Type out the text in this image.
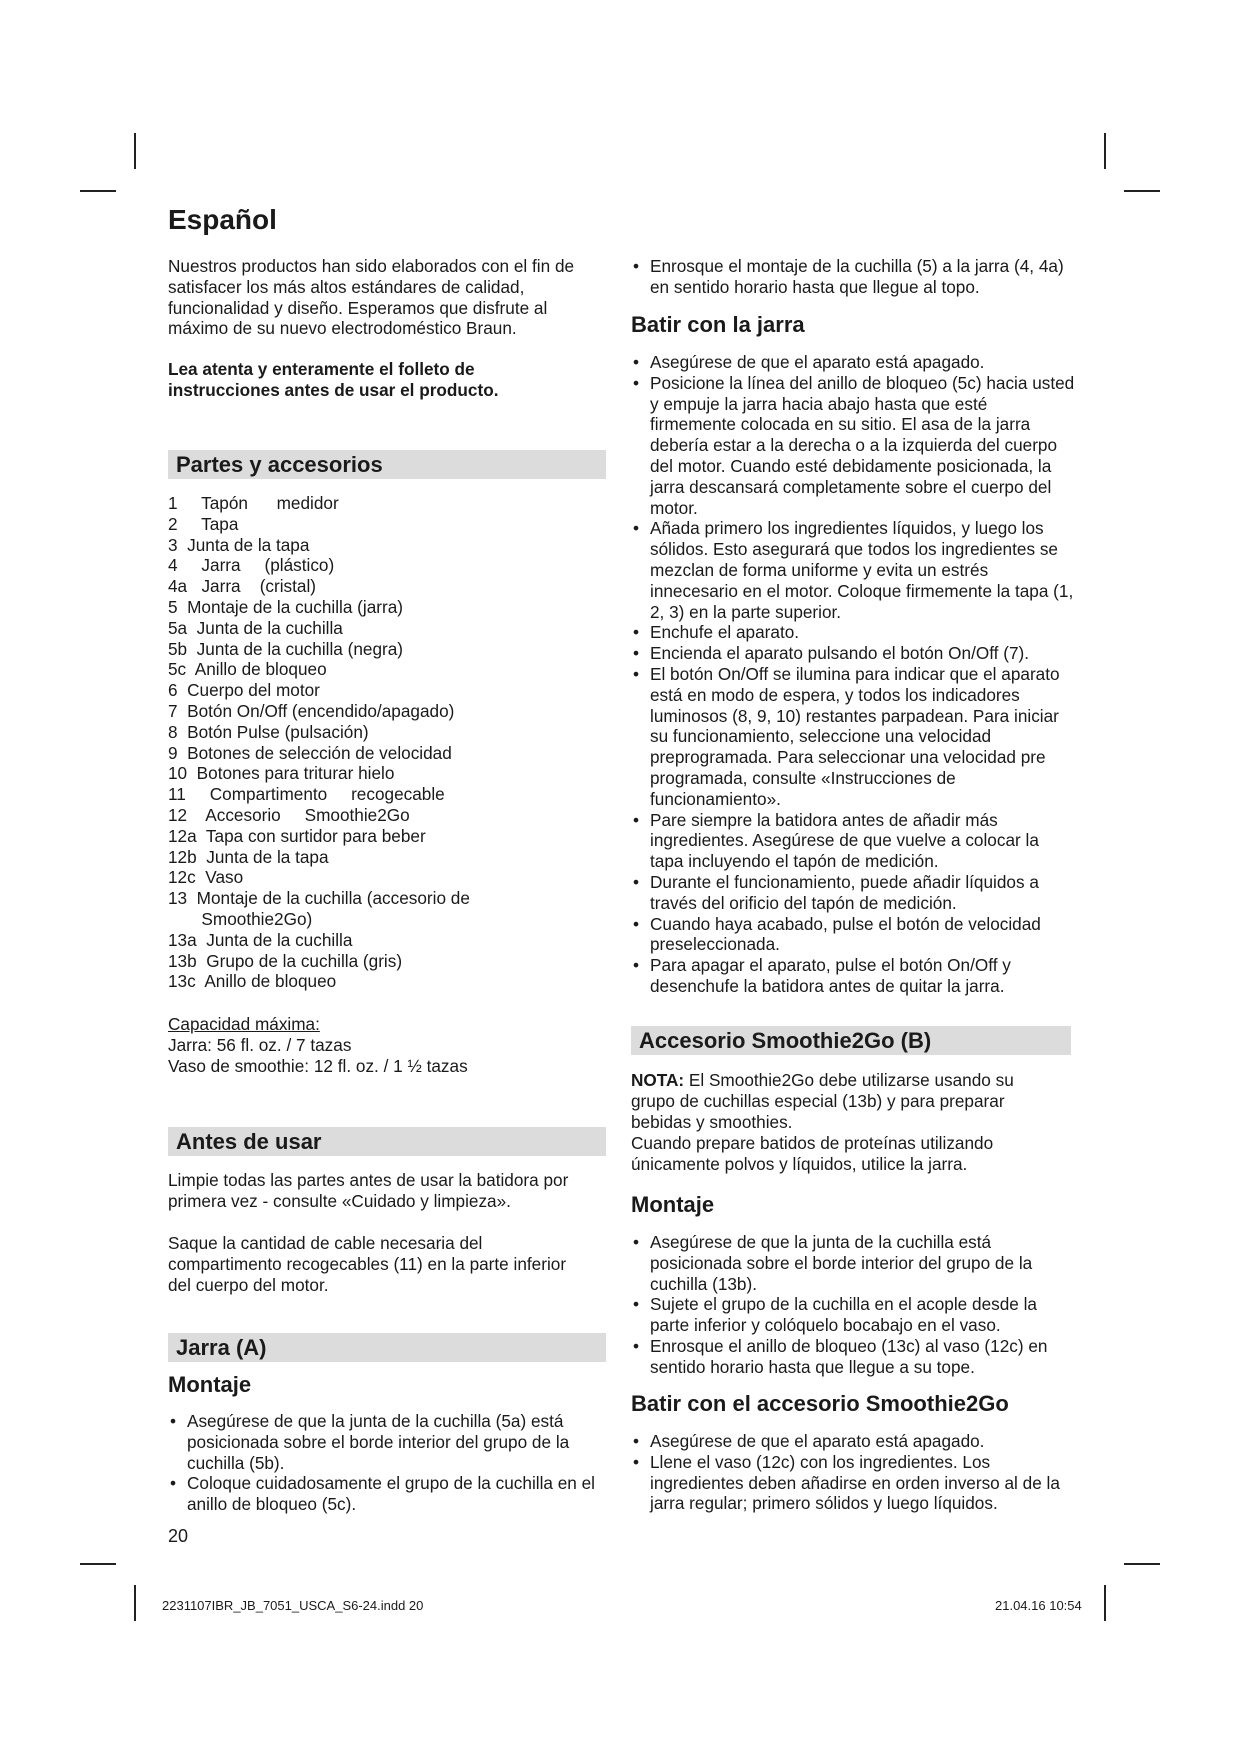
Español

Nuestros productos han sido elaborados con el fin de satisfacer los más altos estándares de calidad, funcionalidad y diseño. Esperamos que disfrute al máximo de su nuevo electrodoméstico Braun.

Lea atenta y enteramente el folleto de instrucciones antes de usar el producto.

Partes y accesorios
1     Tapón      medidor
2     Tapa
3  Junta de la tapa
4     Jarra     (plástico)
4a   Jarra    (cristal)
5  Montaje de la cuchilla (jarra)
5a  Junta de la cuchilla
5b  Junta de la cuchilla (negra)
5c  Anillo de bloqueo
6  Cuerpo del motor
7  Botón On/Off (encendido/apagado)
8  Botón Pulse (pulsación)
9  Botones de selección de velocidad
10  Botones para triturar hielo
11     Compartimento     recogecable
12    Accesorio     Smoothie2Go
12a  Tapa con surtidor para beber
12b  Junta de la tapa
12c  Vaso
13  Montaje de la cuchilla (accesorio de
Smoothie2Go)
13a  Junta de la cuchilla
13b  Grupo de la cuchilla (gris)
13c  Anillo de bloqueo

Capacidad máxima:

Jarra: 56 fl. oz. / 7 tazas

Vaso de smoothie: 12 fl. oz. / 1 ½ tazas

Antes de usar

Limpie todas las partes antes de usar la batidora por primera vez - consulte «Cuidado y limpieza».

Saque la cantidad de cable necesaria del compartimento recogecables (11) en la parte inferior del cuerpo del motor.

Jarra (A)
Montaje
• Asegúrese de que la junta de la cuchilla (5a) está posicionada sobre el borde interior del grupo de la cuchilla (5b).
• Coloque cuidadosamente el grupo de la cuchilla en el anillo de bloqueo (5c).
20
• Enrosque el montaje de la cuchilla (5) a la jarra (4, 4a) en sentido horario hasta que llegue al topo.
Batir con la jarra
• Asegúrese de que el aparato está apagado.
• Posicione la línea del anillo de bloqueo (5c) hacia usted y empuje la jarra hacia abajo hasta que esté firmemente colocada en su sitio. El asa de la jarra debería estar a la derecha o a la izquierda del cuerpo del motor. Cuando esté debidamente posicionada, la jarra descansará completamente sobre el cuerpo del motor.
• Añada primero los ingredientes líquidos, y luego los sólidos. Esto asegurará que todos los ingredientes se mezclan de forma uniforme y evita un estrés innecesario en el motor. Coloque firmemente la tapa (1, 2, 3) en la parte superior.
• Enchufe el aparato.
• Encienda el aparato pulsando el botón On/Off (7).
• El botón On/Off se ilumina para indicar que el aparato está en modo de espera, y todos los indicadores luminosos (8, 9, 10) restantes parpadean. Para iniciar su funcionamiento, seleccione una velocidad preprogramada. Para seleccionar una velocidad pre programada, consulte «Instrucciones de funcionamiento».
• Pare siempre la batidora antes de añadir más ingredientes. Asegúrese de que vuelve a colocar la tapa incluyendo el tapón de medición.
• Durante el funcionamiento, puede añadir líquidos a través del orificio del tapón de medición.
• Cuando haya acabado, pulse el botón de velocidad preseleccionada.
• Para apagar el aparato, pulse el botón On/Off y desenchufe la batidora antes de quitar la jarra.
Accesorio Smoothie2Go (B)

NOTA: El Smoothie2Go debe utilizarse usando su grupo de cuchillas especial (13b) y para preparar bebidas y smoothies.

Cuando prepare batidos de proteínas utilizando únicamente polvos y líquidos, utilice la jarra.

Montaje
• Asegúrese de que la junta de la cuchilla está posicionada sobre el borde interior del grupo de la cuchilla (13b).
• Sujete el grupo de la cuchilla en el acople desde la parte inferior y colóquelo bocabajo en el vaso.
• Enrosque el anillo de bloqueo (13c) al vaso (12c) en sentido horario hasta que llegue a su tope.
Batir con el accesorio Smoothie2Go
• Asegúrese de que el aparato está apagado.
• Llene el vaso (12c) con los ingredientes. Los ingredientes deben añadirse en orden inverso al de la jarra regular; primero sólidos y luego líquidos.
2231107IBR_JB_7051_USCA_S6-24.indd 20	21.04.16 10:54
